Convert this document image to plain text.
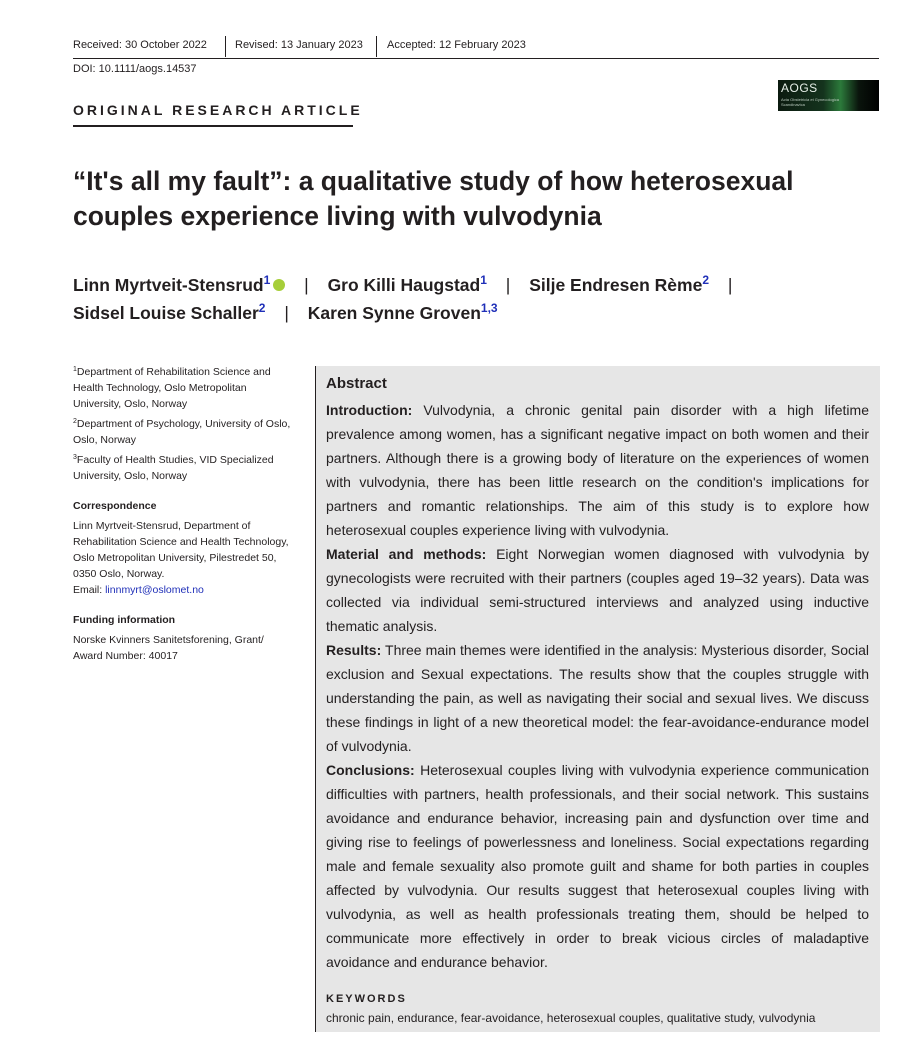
Received: 30 October 2022	Revised: 13 January 2023 Accepted: 12 February 2023
DOI: 10.1111/aogs.14537
ORIGINAL RESEARCH ARTICLE
AOGS
Acta Obstetricia et Gynecologica Scandinavica
“It's all my fault”: a qualitative study of how heterosexual couples experience living with vulvodynia
Linn Myrtveit-Stensrud$^1$iD | Gro Killi Haugstad$^1$ | Silje Endresen Rème$^2$ |
Sidsel Louise Schaller$^2$ | Karen Synne Groven$^{1,3}$

$^1$Department of Rehabilitation Science and Health Technology, Oslo Metropolitan University, Oslo, Norway

$^2$Department of Psychology, University of Oslo, Oslo, Norway

$^3$Faculty of Health Studies, VID Specialized University, Oslo, Norway

Correspondence

Linn Myrtveit-Stensrud, Department of Rehabilitation Science and Health Technology, Oslo Metropolitan University, Pilestredet 50, 0350 Oslo, Norway.
Email: linnmyrt@oslomet.no

Funding information

Norske Kvinners Sanitetsforening, Grant/ Award Number: 40017

Abstract

Introduction: Vulvodynia, a chronic genital pain disorder with a high lifetime prevalence among women, has a significant negative impact on both women and their partners. Although there is a growing body of literature on the experiences of women with vulvodynia, there has been little research on the condition's implications for partners and romantic relationships. The aim of this study is to explore how heterosexual couples experience living with vulvodynia.

Material and methods: Eight Norwegian women diagnosed with vulvodynia by gynecologists were recruited with their partners (couples aged 19–32 years). Data was collected via individual semi-structured interviews and analyzed using inductive thematic analysis.

Results: Three main themes were identified in the analysis: Mysterious disorder, Social exclusion and Sexual expectations. The results show that the couples struggle with understanding the pain, as well as navigating their social and sexual lives. We discuss these findings in light of a new theoretical model: the fear-avoidance-endurance model of vulvodynia.

Conclusions: Heterosexual couples living with vulvodynia experience communication difficulties with partners, health professionals, and their social network. This sustains avoidance and endurance behavior, increasing pain and dysfunction over time and giving rise to feelings of powerlessness and loneliness. Social expectations regarding male and female sexuality also promote guilt and shame for both parties in couples affected by vulvodynia. Our results suggest that heterosexual couples living with vulvodynia, as well as health professionals treating them, should be helped to communicate more effectively in order to break vicious circles of maladaptive avoidance and endurance behavior.

KEYWORDS
chronic pain, endurance, fear-avoidance, heterosexual couples, qualitative study, vulvodynia
